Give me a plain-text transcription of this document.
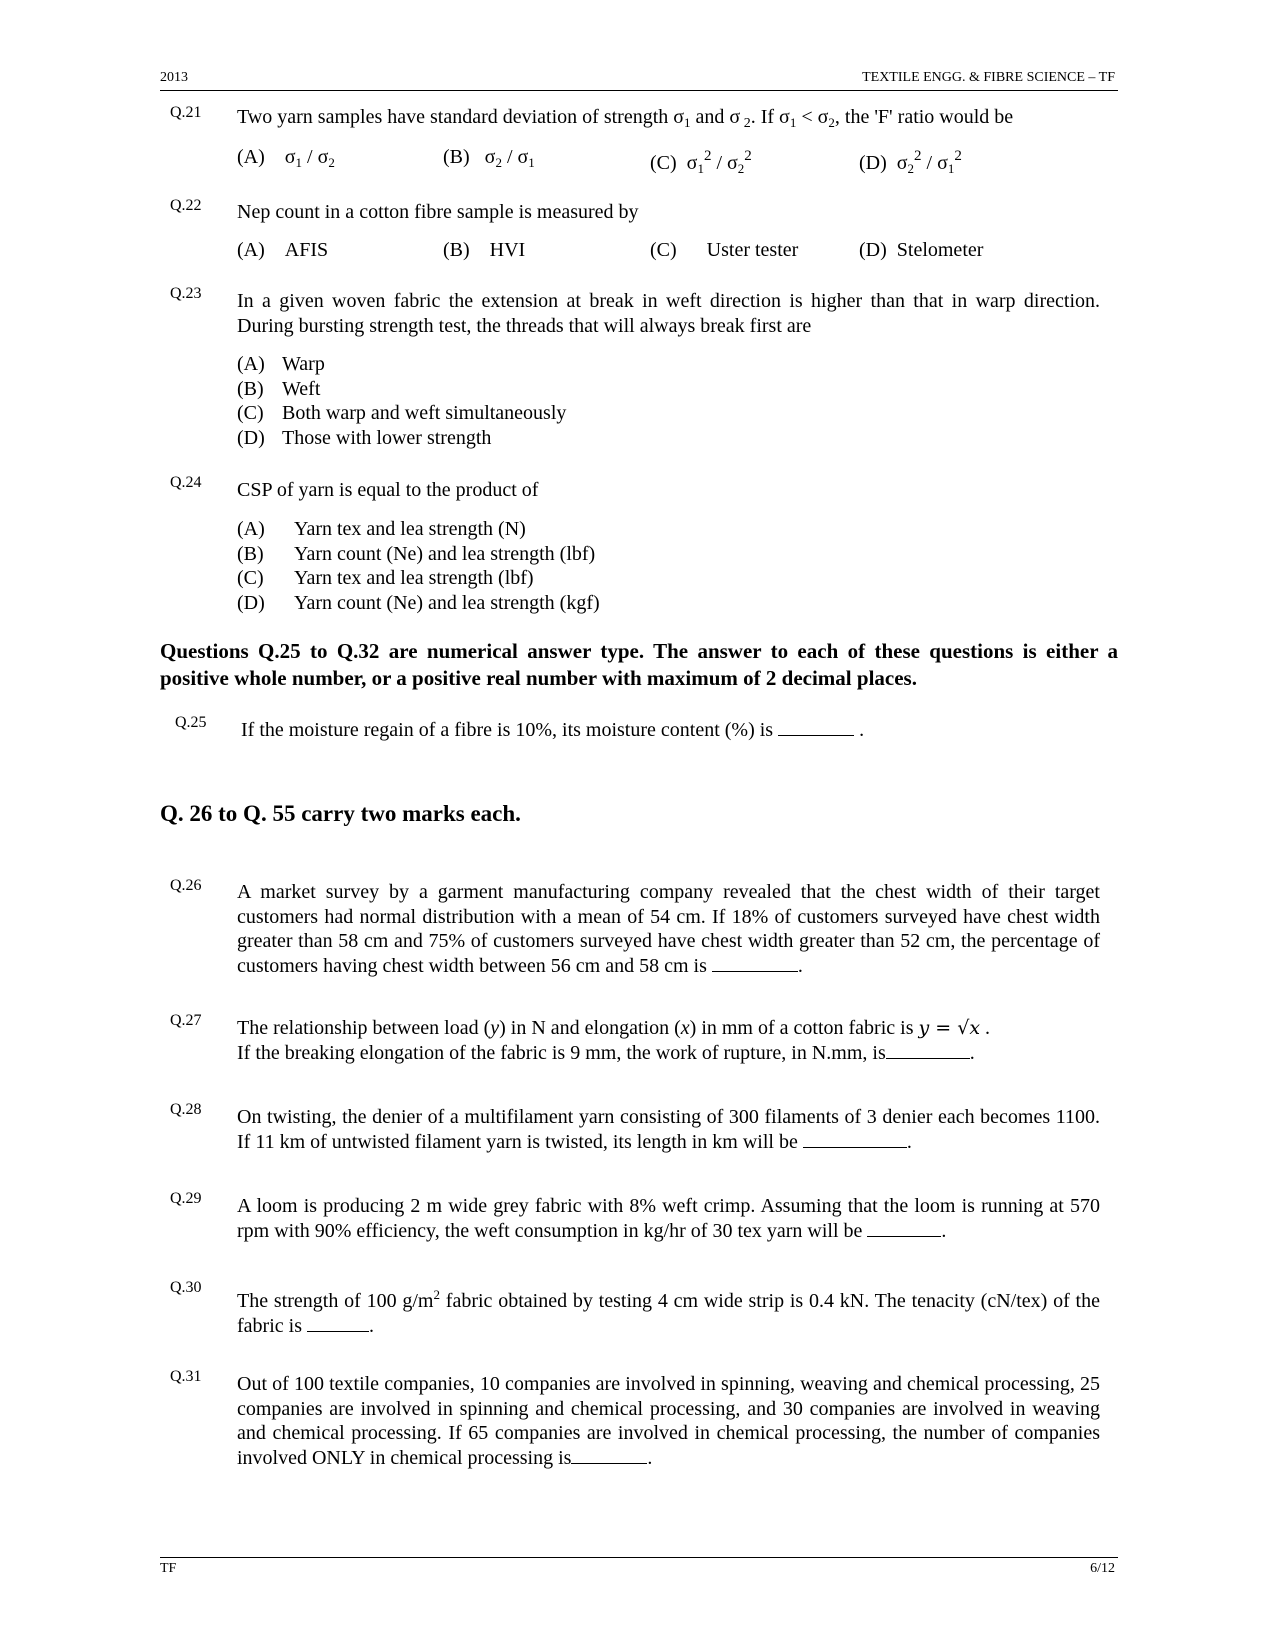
2013	TEXTILE ENGG. & FIBRE SCIENCE – TF
Q.21 Two yarn samples have standard deviation of strength $\sigma_1$ and σ $_2$. If $\sigma_1 < \sigma_2$, the 'F' ratio would be
(A) $\sigma_1 / \sigma_2$	(B) $\sigma_2 / \sigma_1$	(C) $\sigma_1^2 / \sigma_2^2$	(D) $\sigma_2^2 / \sigma_1^2$
Q.22 Nep count in a cotton fibre sample is measured by
(A) AFIS	(B) HVI	(C) Uster tester	(D) Stelometer
Q.23 In a given woven fabric the extension at break in weft direction is higher than that in warp direction. During bursting strength test, the threads that will always break first are
(A) Warp
(B) Weft
(C) Both warp and weft simultaneously
(D) Those with lower strength
Q.24 CSP of yarn is equal to the product of
(A) Yarn tex and lea strength (N)
(B) Yarn count (Ne) and lea strength (lbf)
(C) Yarn tex and lea strength (lbf)
(D) Yarn count (Ne) and lea strength (kgf)
Questions Q.25 to Q.32 are numerical answer type. The answer to each of these questions is either a positive whole number, or a positive real number with maximum of 2 decimal places.
Q.25 If the moisture regain of a fibre is 10%, its moisture content (%) is	.
Q. 26 to Q. 55 carry two marks each.
Q.26 A market survey by a garment manufacturing company revealed that the chest width of their target customers had normal distribution with a mean of 54 cm. If 18% of customers surveyed have chest width greater than 58 cm and 75% of customers surveyed have chest width greater than 52 cm, the percentage of customers having chest width between 56 cm and 58 cm is	.
Q.27 The relationship between load (y) in N and elongation (x) in mm of a cotton fabric is y = √x .
If the breaking elongation of the fabric is 9 mm, the work of rupture, in N.mm, is	.
Q.28 On twisting, the denier of a multifilament yarn consisting of 300 filaments of 3 denier each becomes 1100. If 11 km of untwisted filament yarn is twisted, its length in km will be	.
Q.29 A loom is producing 2 m wide grey fabric with 8% weft crimp. Assuming that the loom is running at 570 rpm with 90% efficiency, the weft consumption in kg/hr of 30 tex yarn will be	.
Q.30
The strength of 100 $g/m^2$ fabric obtained by testing 4 cm wide strip is 0.4 kN. The tenacity (cN/tex) of the fabric is	.
Q.31 Out of 100 textile companies, 10 companies are involved in spinning, weaving and chemical processing, 25 companies are involved in spinning and chemical processing, and 30 companies are involved in weaving and chemical processing. If 65 companies are involved in chemical processing, the number of companies involved ONLY in chemical processing is	.
TF	6/12
